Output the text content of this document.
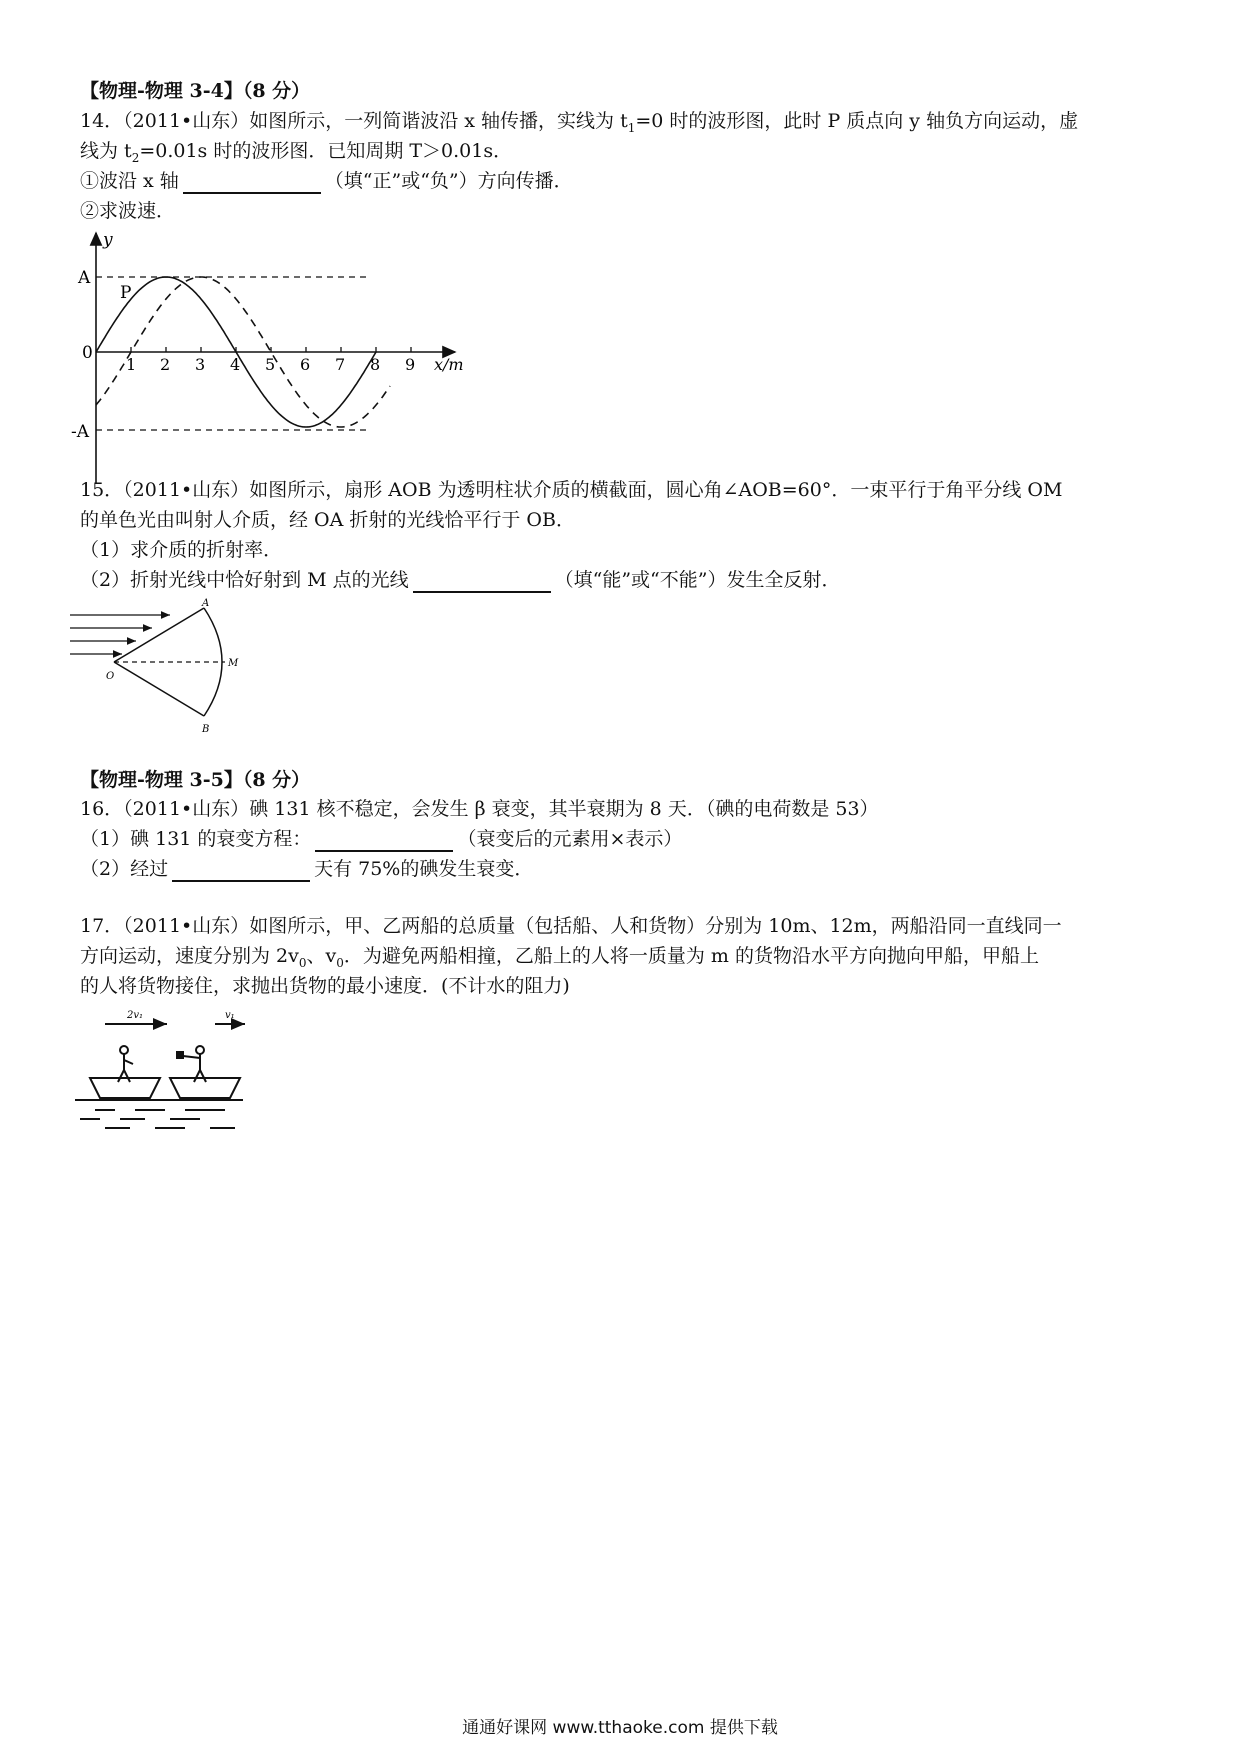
【物理-物理 3-4】（8 分）
14．（2011•山东）如图所示，一列简谐波沿 x 轴传播，实线为 $t_1=0$ 时的波形图，此时 P 质点向 y 轴负方向运动，虚
线为 $t_2=0.01s$ 时的波形图．已知周期 T＞0.01s．
①波沿 x 轴	（填“正”或“负”）方向传播．
②求波速．
y
x/m
A
-A
0
P
1 2 3 4 5 6 7 8 9
15．（2011•山东）如图所示，扇形 AOB 为透明柱状介质的横截面，圆心角∠AOB=60°．一束平行于角平分线 OM
的单色光由叫射人介质，经 OA 折射的光线恰平行于 OB．
（1）求介质的折射率．
（2）折射光线中恰好射到 M 点的光线	（填“能”或“不能”）发生全反射．
A
B
O
M
【物理-物理 3-5】（8 分）
16．（2011•山东）碘 131 核不稳定，会发生 β 衰变，其半衰期为 8 天．（碘的电荷数是 53）
（1）碘 131 的衰变方程：	（衰变后的元素用×表示）
（2）经过	天有 75%的碘发生衰变．
17．（2011•山东）如图所示，甲、乙两船的总质量（包括船、人和货物）分别为 10m、12m，两船沿同一直线同一
方向运动，速度分别为 $2v_0$、$v_0$．为避免两船相撞，乙船上的人将一质量为 m 的货物沿水平方向抛向甲船，甲船上
的人将货物接住，求抛出货物的最小速度．(不计水的阻力)
2v₁	v₁
通通好课网 www.tthaoke.com 提供下载
